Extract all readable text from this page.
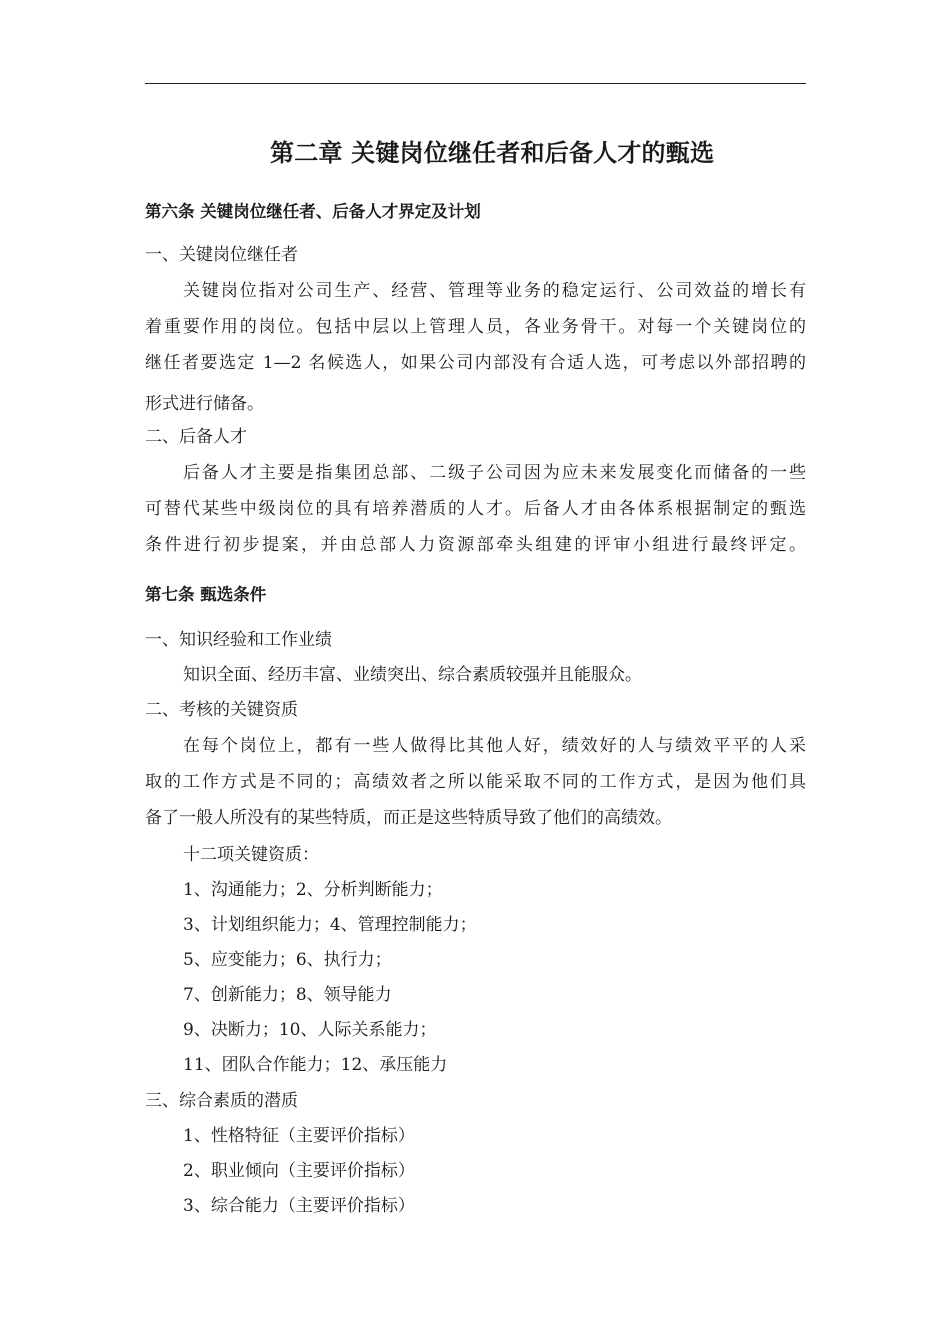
第二章 关键岗位继任者和后备人才的甄选
第六条 关键岗位继任者、后备人才界定及计划
一、关键岗位继任者
关键岗位指对公司生产、经营、管理等业务的稳定运行、公司效益的增长有
着重要作用的岗位。包括中层以上管理人员，各业务骨干。对每一个关键岗位的
继任者要选定 1—2 名候选人，如果公司内部没有合适人选，可考虑以外部招聘的
形式进行储备。
二、后备人才
后备人才主要是指集团总部、二级子公司因为应未来发展变化而储备的一些
可替代某些中级岗位的具有培养潜质的人才。后备人才由各体系根据制定的甄选
条件进行初步提案，并由总部人力资源部牵头组建的评审小组进行最终评定。
第七条 甄选条件
一、知识经验和工作业绩
知识全面、经历丰富、业绩突出、综合素质较强并且能服众。
二、考核的关键资质
在每个岗位上，都有一些人做得比其他人好，绩效好的人与绩效平平的人采
取的工作方式是不同的；高绩效者之所以能采取不同的工作方式，是因为他们具
备了一般人所没有的某些特质，而正是这些特质导致了他们的高绩效。
十二项关键资质：
1、沟通能力；2、分析判断能力；
3、计划组织能力；4、管理控制能力；
5、应变能力；6、执行力；
7、创新能力；8、领导能力
9、决断力；10、人际关系能力；
11、团队合作能力；12、承压能力
三、综合素质的潜质
1、性格特征（主要评价指标）
2、职业倾向（主要评价指标）
3、综合能力（主要评价指标）
